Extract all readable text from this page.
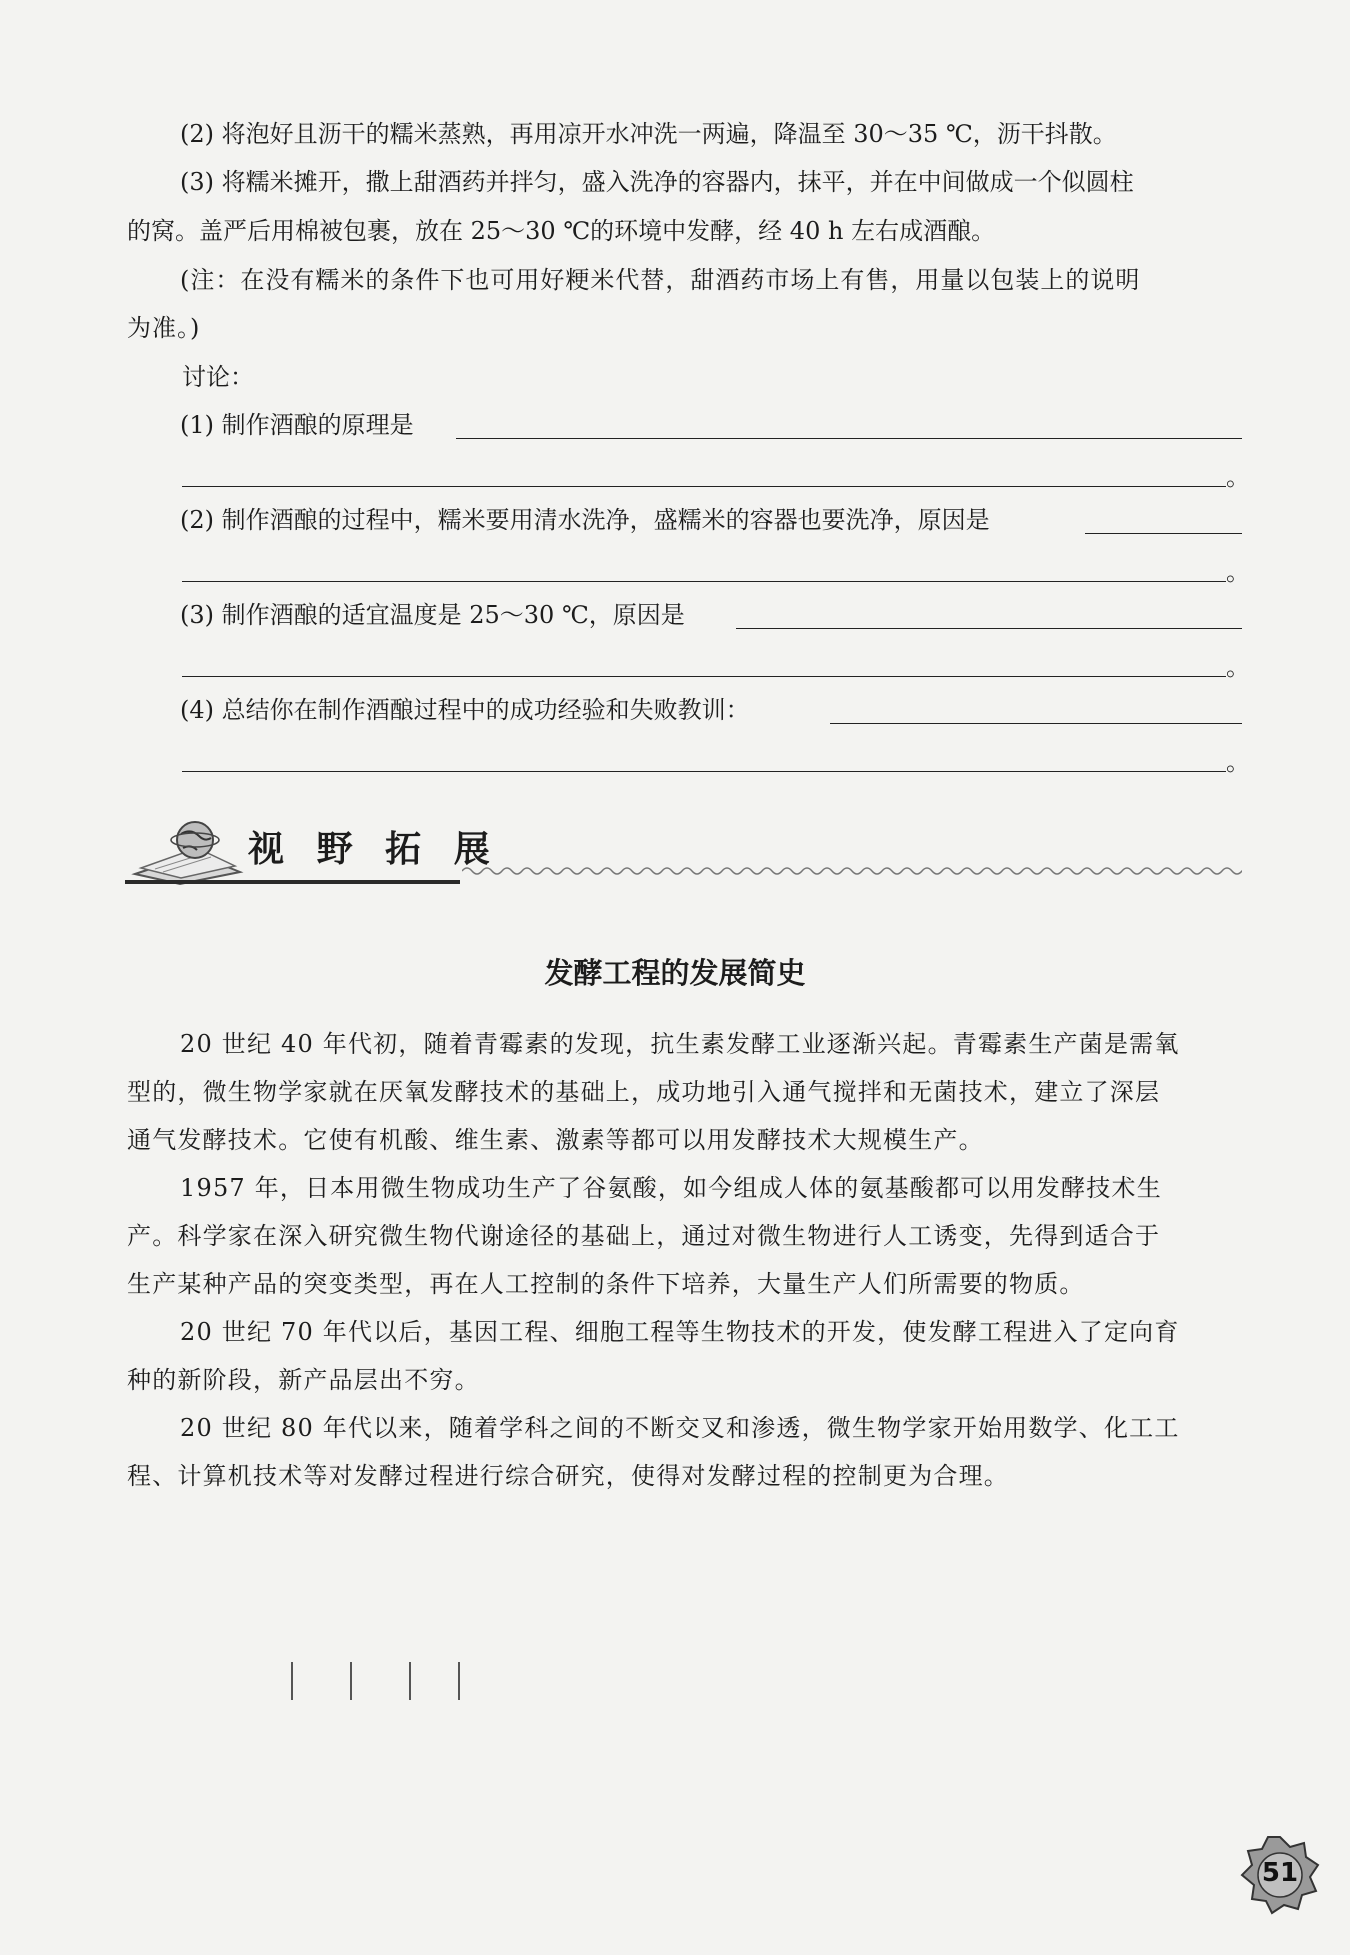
(2) 将泡好且沥干的糯米蒸熟，再用凉开水冲洗一两遍，降温至 30～35 ℃，沥干抖散。
(3) 将糯米摊开，撒上甜酒药并拌匀，盛入洗净的容器内，抹平，并在中间做成一个似圆柱
的窝。盖严后用棉被包裹，放在 25～30 ℃的环境中发酵，经 40 h 左右成酒酿。
(注：在没有糯米的条件下也可用好粳米代替，甜酒药市场上有售，用量以包装上的说明
为准。)
讨论：
(1) 制作酒酿的原理是
。
(2) 制作酒酿的过程中，糯米要用清水洗净，盛糯米的容器也要洗净，原因是
。
(3) 制作酒酿的适宜温度是 25～30 ℃，原因是
。
(4) 总结你在制作酒酿过程中的成功经验和失败教训：
。
视 野 拓 展
发酵工程的发展简史
20 世纪 40 年代初，随着青霉素的发现，抗生素发酵工业逐渐兴起。青霉素生产菌是需氧
型的，微生物学家就在厌氧发酵技术的基础上，成功地引入通气搅拌和无菌技术，建立了深层
通气发酵技术。它使有机酸、维生素、激素等都可以用发酵技术大规模生产。
1957 年，日本用微生物成功生产了谷氨酸，如今组成人体的氨基酸都可以用发酵技术生
产。科学家在深入研究微生物代谢途径的基础上，通过对微生物进行人工诱变，先得到适合于
生产某种产品的突变类型，再在人工控制的条件下培养，大量生产人们所需要的物质。
20 世纪 70 年代以后，基因工程、细胞工程等生物技术的开发，使发酵工程进入了定向育
种的新阶段，新产品层出不穷。
20 世纪 80 年代以来，随着学科之间的不断交叉和渗透，微生物学家开始用数学、化工工
程、计算机技术等对发酵过程进行综合研究，使得对发酵过程的控制更为合理。
51
